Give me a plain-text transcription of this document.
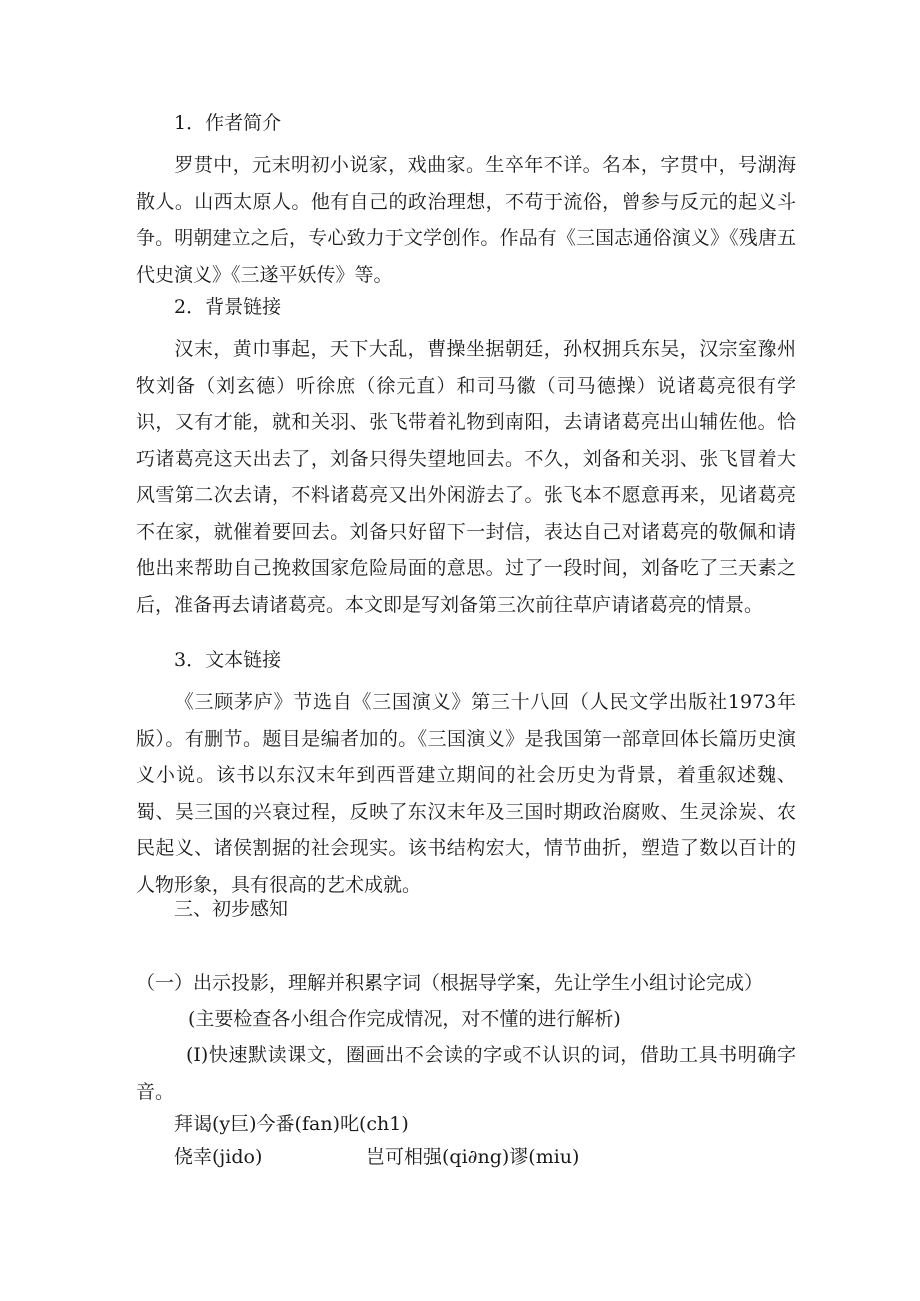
1．作者简介

罗贯中，元末明初小说家，戏曲家。生卒年不详。名本，字贯中，号湖海散人。山西太原人。他有自己的政治理想，不苟于流俗，曾参与反元的起义斗争。明朝建立之后，专心致力于文学创作。作品有《三国志通俗演义》《残唐五代史演义》《三遂平妖传》等。

2．背景链接

汉末，黄巾事起，天下大乱，曹操坐据朝廷，孙权拥兵东吴，汉宗室豫州牧刘备（刘玄德）听徐庶（徐元直）和司马徽（司马德操）说诸葛亮很有学识，又有才能，就和关羽、张飞带着礼物到南阳，去请诸葛亮出山辅佐他。恰巧诸葛亮这天出去了，刘备只得失望地回去。不久，刘备和关羽、张飞冒着大风雪第二次去请，不料诸葛亮又出外闲游去了。张飞本不愿意再来，见诸葛亮不在家，就催着要回去。刘备只好留下一封信，表达自己对诸葛亮的敬佩和请他出来帮助自己挽救国家危险局面的意思。过了一段时间，刘备吃了三天素之后，准备再去请诸葛亮。本文即是写刘备第三次前往草庐请诸葛亮的情景。

3．文本链接

《三顾茅庐》节选自《三国演义》第三十八回（人民文学出版社1973年版）。有删节。题目是编者加的。《三国演义》是我国第一部章回体长篇历史演义小说。该书以东汉末年到西晋建立期间的社会历史为背景，着重叙述魏、蜀、吴三国的兴衰过程，反映了东汉末年及三国时期政治腐败、生灵涂炭、农民起义、诸侯割据的社会现实。该书结构宏大，情节曲折，塑造了数以百计的人物形象，具有很高的艺术成就。

三、初步感知

（一）出示投影，理解并积累字词（根据导学案，先让学生小组讨论完成）

(主要检查各小组合作完成情况，对不懂的进行解析)

(I)快速默读课文，圈画出不会读的字或不认识的词，借助工具书明确字音。

拜谒(y巨)今番(fan)叱(ch1)

侥幸(jido)	岂可相强(qi∂ng)谬(miu)
